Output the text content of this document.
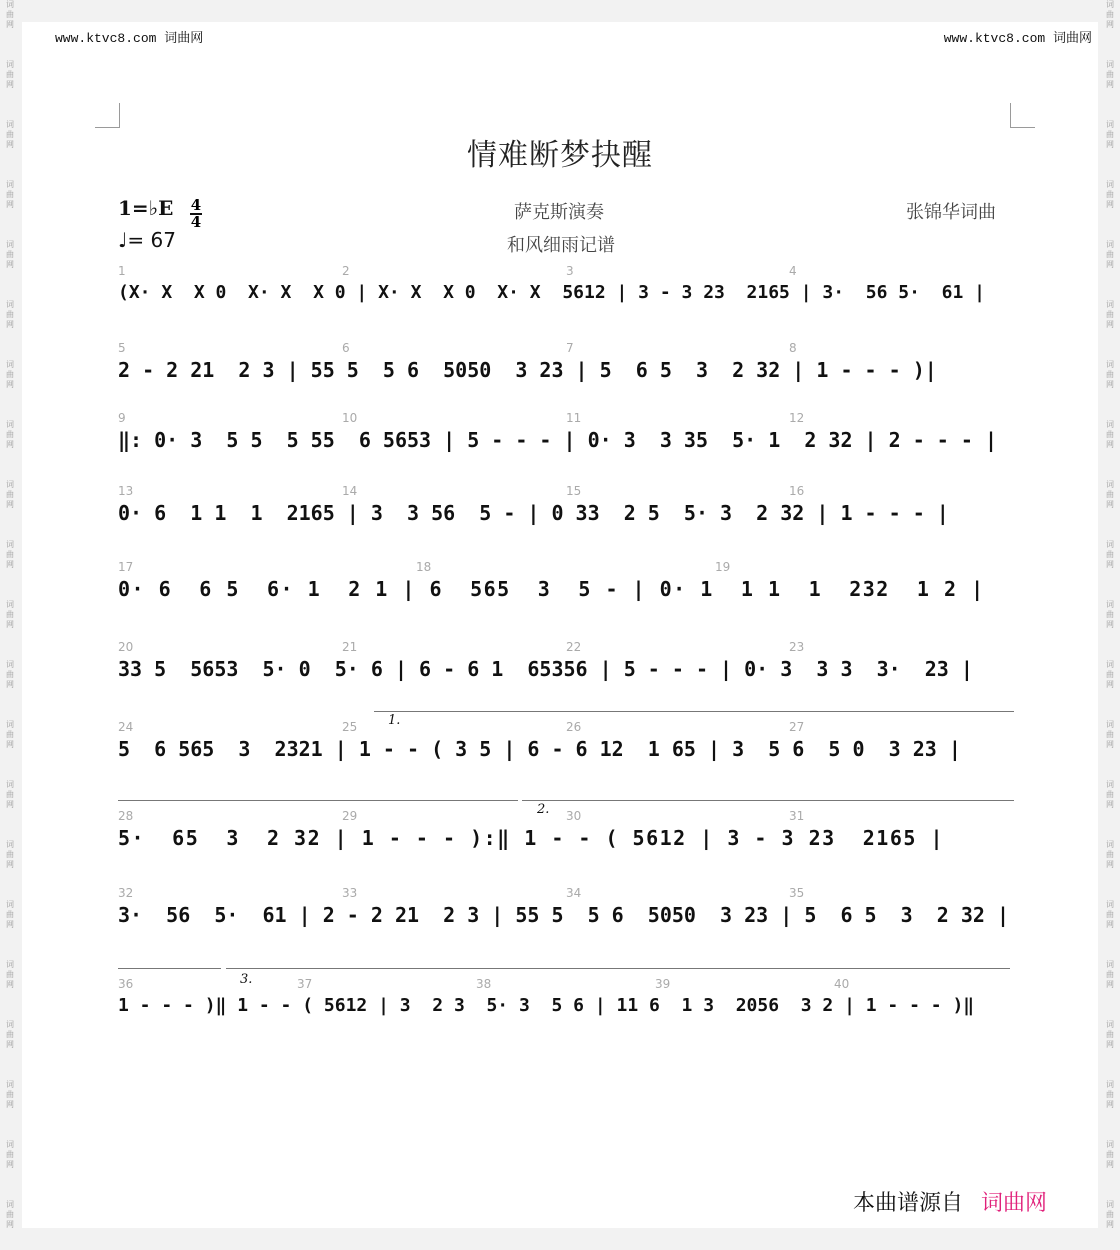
词
曲
网

词
曲
网

词
曲
网

词
曲
网

词
曲
网

词
曲
网

词
曲
网

词
曲
网

词
曲
网

词
曲
网

词
曲
网

词
曲
网

词
曲
网

词
曲
网

词
曲
网

词
曲
网

词
曲
网

词
曲
网

词
曲
网

词
曲
网

词
曲
网
词
曲
网

词
曲
网

词
曲
网

词
曲
网

词
曲
网

词
曲
网

词
曲
网

词
曲
网

词
曲
网

词
曲
网

词
曲
网

词
曲
网

词
曲
网

词
曲
网

词
曲
网

词
曲
网

词
曲
网

词
曲
网

词
曲
网

词
曲
网

词
曲
网
www.ktvc8.com 词曲网	www.ktvc8.com 词曲网
情难断梦抉醒
1=♭E 4
4
♩= 67
萨克斯演奏
和风细雨记谱
张锦华词曲
(X· X  X 0  X· X  X 0 | X· X  X 0  X· X  5612 | 3 - 3 23  2165 | 3·  56 5·  61 |
1	2	3	4
2 - 2 21  2 3 | 55 5  5 6  5050  3 23 | 5  6 5  3  2 32 | 1 - - - )|
5	6	7	8
‖: 0· 3  5 5  5 55  6 5653 | 5 - - - | 0· 3  3 35  5· 1  2 32 | 2 - - - |
9	10	11	12
0· 6  1 1  1  2165 | 3  3 56  5 - | 0 33  2 5  5· 3  2 32 | 1 - - - |
13	14	15	16
0· 6  6 5  6· 1  2 1 | 6  565  3  5 - | 0· 1  1 1  1  232  1 2 |
17	18	19
33 5  5653  5· 0  5· 6 | 6 - 6 1  65356 | 5 - - - | 0· 3  3 3  3·  23 |
20	21	22	23
5  6 565  3  2321 | 1 - - ( 3 5 | 6 - 6 12  1 65 | 3  5 6  5 0  3 23 |
24	25	26	27
5·  65  3  2 32 | 1 - - - ):‖ 1 - - ( 5612 | 3 - 3 23  2165 |
28	29	30	31
3·  56  5·  61 | 2 - 2 21  2 3 | 55 5  5 6  5050  3 23 | 5  6 5  3  2 32 |
32	33	34	35
1 - - - )‖ 1 - - ( 5612 | 3  2 3  5· 3  5 6 | 11 6  1 3  2056  3 2 | 1 - - - )‖
36	37	38	39	40
1.
2.
3.
本曲谱源自 词曲网
